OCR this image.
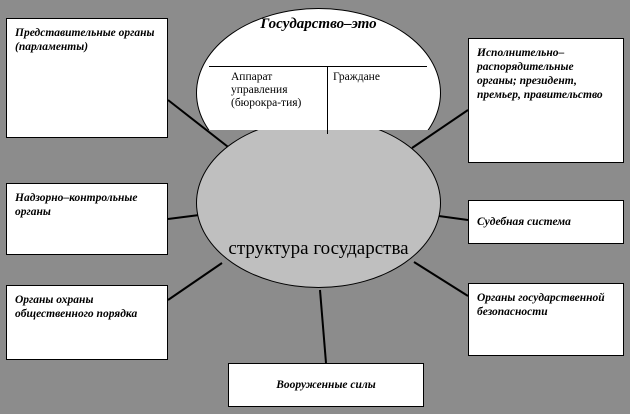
Государство–это
Аппарат управления (бюрокра-тия)
Граждане
структура государства
Представительные органы (парламенты)
Надзорно–контрольные органы
Органы охраны общественного порядка
Исполнительно–распорядительные органы; президент, премьер, правительство
Судебная система
Органы государственной безопасности
Вооруженные силы
